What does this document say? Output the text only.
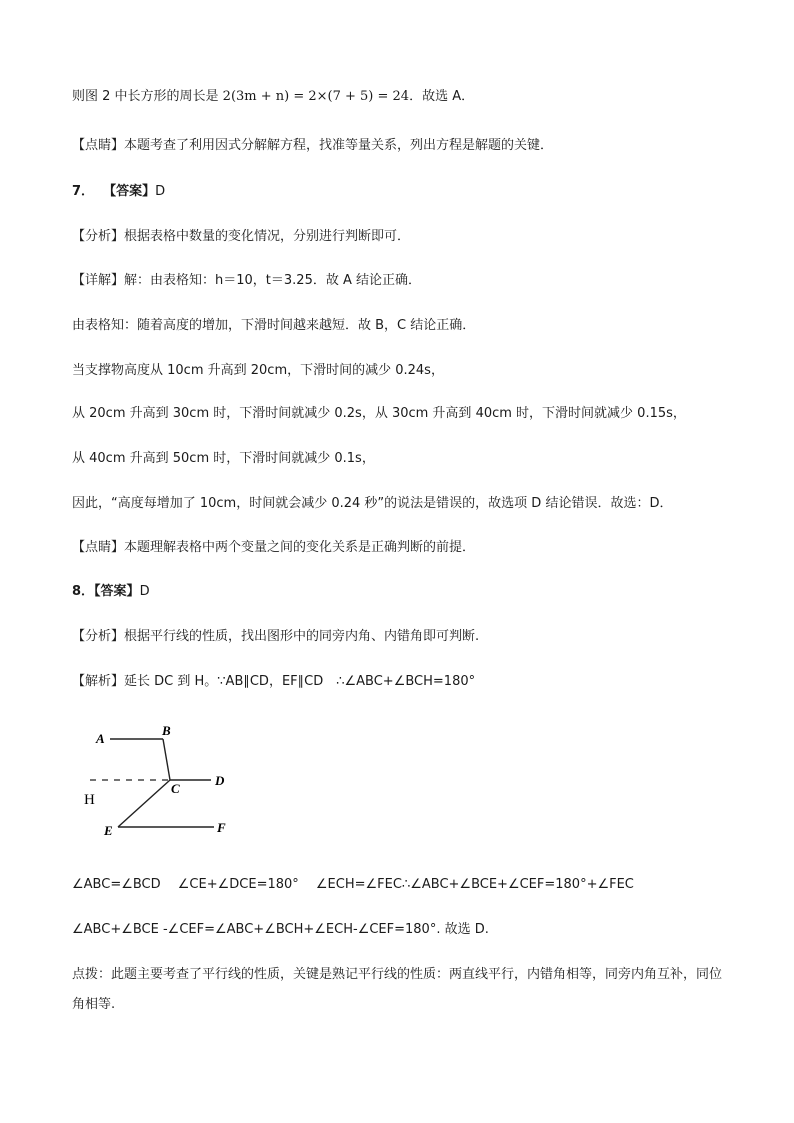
则图 2 中长方形的周长是 2(3m + n) = 2×(7 + 5) = 24．故选 A．
【点睛】本题考查了利用因式分解解方程，找准等量关系，列出方程是解题的关键．
7． 【答案】D
【分析】根据表格中数量的变化情况，分别进行判断即可．
【详解】解：由表格知：h＝10，t＝3.25．故 A 结论正确．
由表格知：随着高度的增加，下滑时间越来越短．故 B，C 结论正确．
当支撑物高度从 10cm 升高到 20cm，下滑时间的减少 0.24s，
从 20cm 升高到 30cm 时，下滑时间就减少 0.2s，从 30cm 升高到 40cm 时，下滑时间就减少 0.15s，
从 40cm 升高到 50cm 时，下滑时间就减少 0.1s，
因此，“高度每增加了 10cm，时间就会减少 0.24 秒”的说法是错误的，故选项 D 结论错误．故选：D．
【点睛】本题理解表格中两个变量之间的变化关系是正确判断的前提．
8．【答案】D
【分析】根据平行线的性质，找出图形中的同旁内角、内错角即可判断.
【解析】延长 DC 到 H。∵AB∥CD，EF∥CD　∴∠ABC+∠BCH=180°
A
B
C
D
E	F
H
∠ABC=∠BCD　 ∠CE+∠DCE=180°　 ∠ECH=∠FEC∴∠ABC+∠BCE+∠CEF=180°+∠FEC
∠ABC+∠BCE -∠CEF=∠ABC+∠BCH+∠ECH-∠CEF=180°. 故选 D.
点拨：此题主要考查了平行线的性质，关键是熟记平行线的性质：两直线平行，内错角相等，同旁内角互补，同位角相等.
